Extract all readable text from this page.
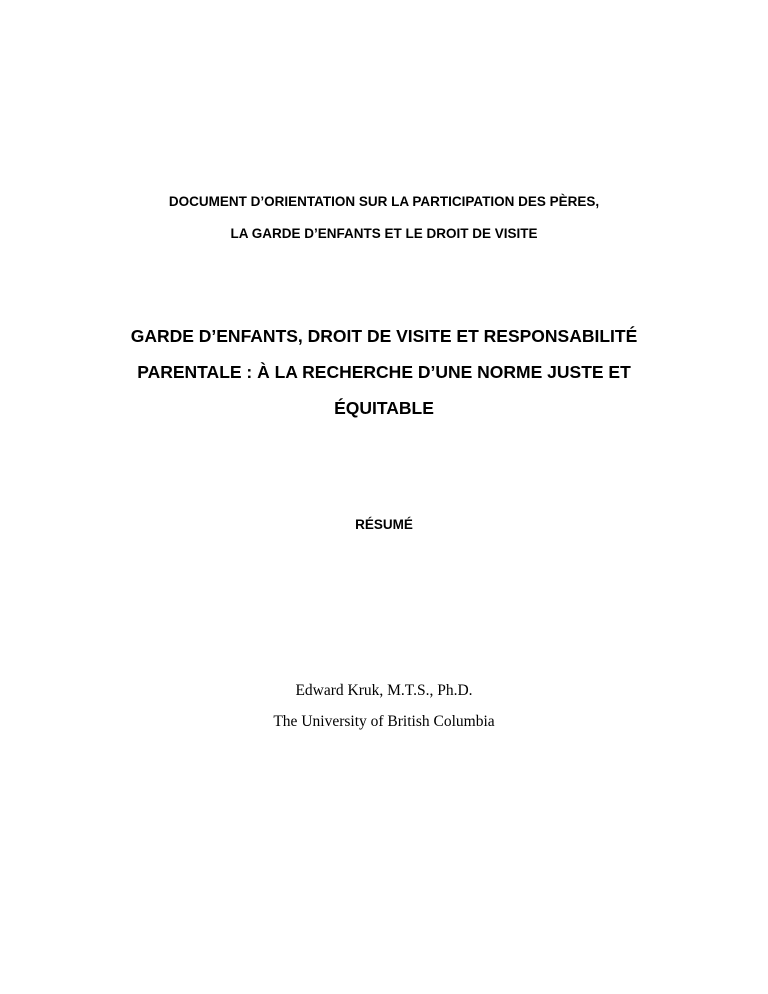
DOCUMENT D’ORIENTATION SUR LA PARTICIPATION DES PÈRES,
LA GARDE D’ENFANTS ET LE DROIT DE VISITE
GARDE D’ENFANTS, DROIT DE VISITE ET RESPONSABILITÉ
PARENTALE : À LA RECHERCHE D’UNE NORME JUSTE ET
ÉQUITABLE
RÉSUMÉ
Edward Kruk, M.T.S., Ph.D.
The University of British Columbia
